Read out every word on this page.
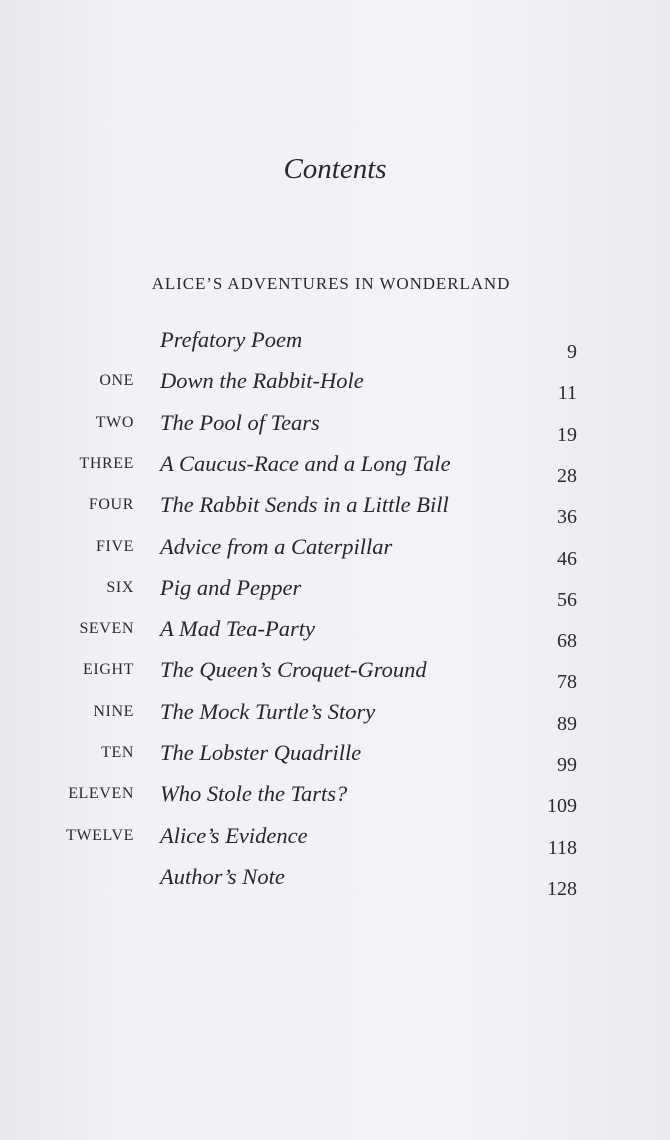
Contents
ALICE’S ADVENTURES IN WONDERLAND
Prefatory Poem	9
ONE Down the Rabbit-Hole	11
TWO The Pool of Tears	19
THREE A Caucus-Race and a Long Tale	28
FOUR The Rabbit Sends in a Little Bill	36
FIVE Advice from a Caterpillar	46
SIX Pig and Pepper	56
SEVEN A Mad Tea-Party	68
EIGHT The Queen’s Croquet-Ground	78
NINE The Mock Turtle’s Story	89
TEN The Lobster Quadrille	99
ELEVEN Who Stole the Tarts?	109
TWELVE Alice’s Evidence	118
Author’s Note	128
